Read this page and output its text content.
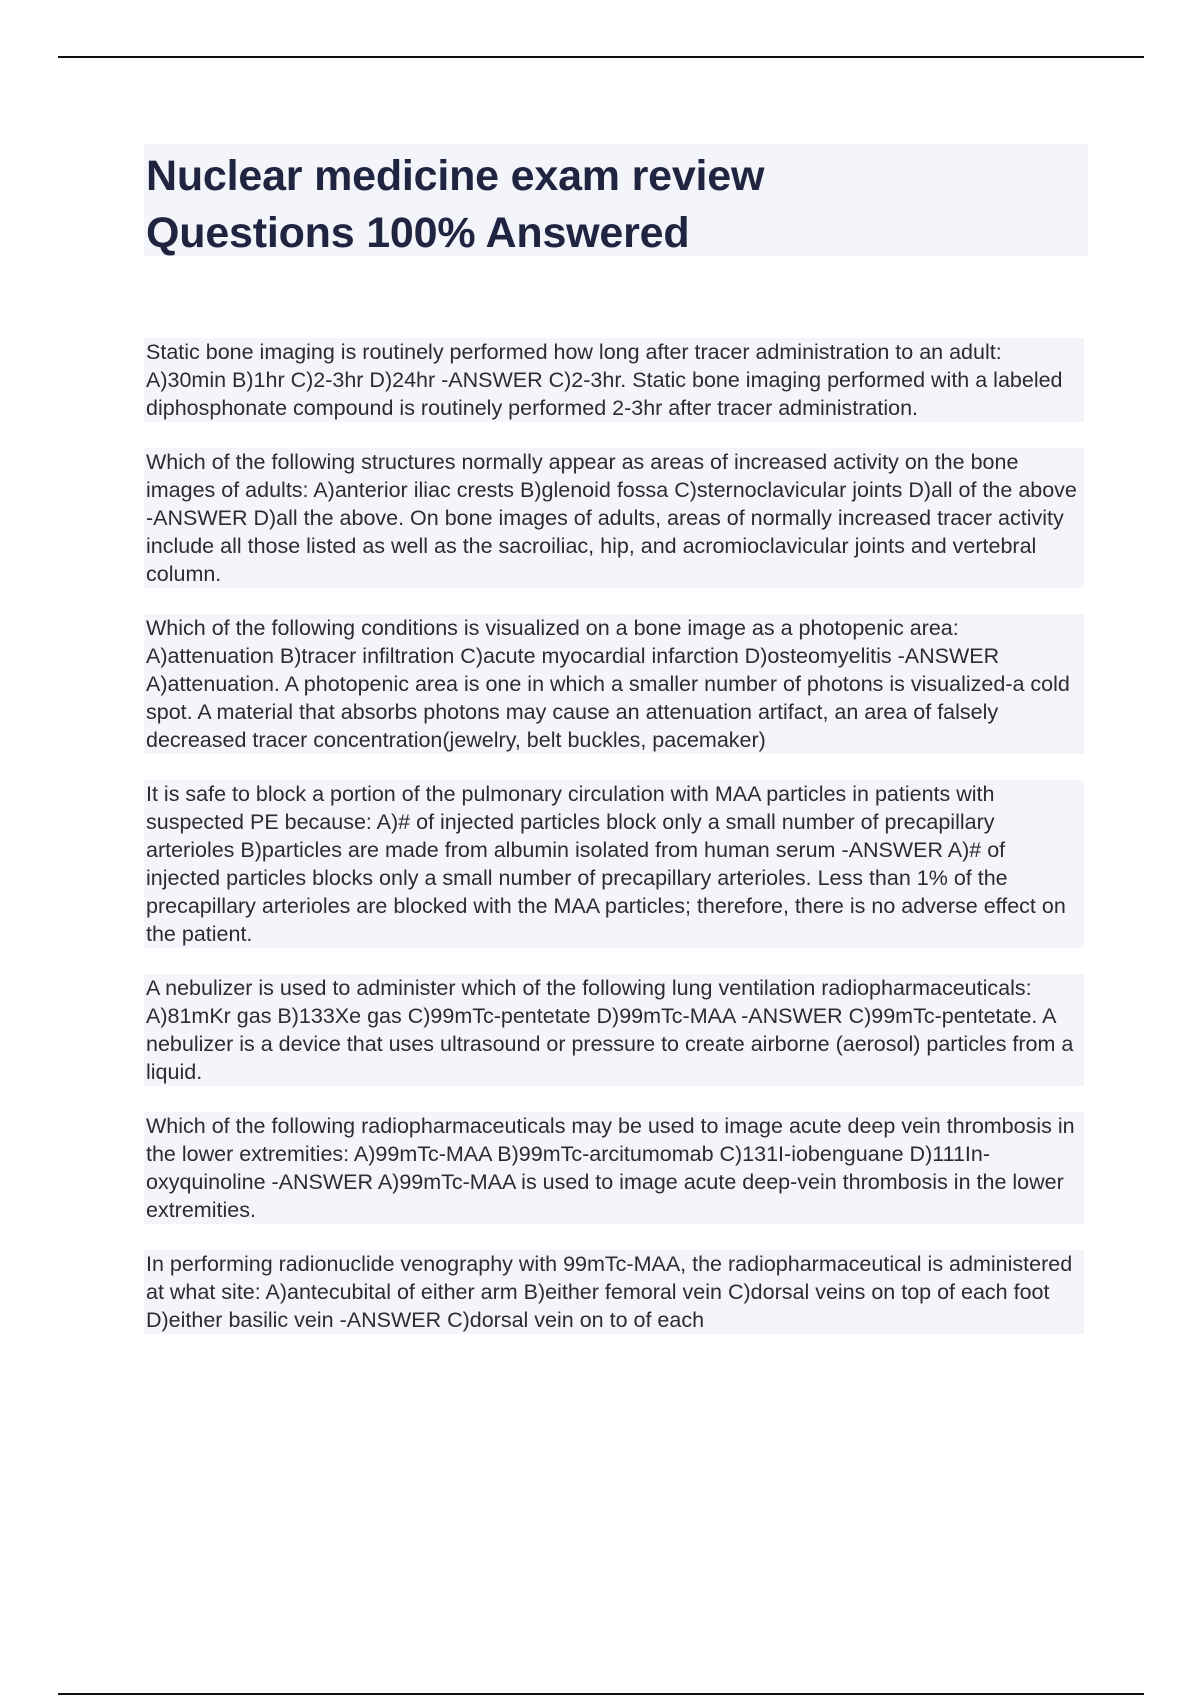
Nuclear medicine exam review
Questions 100% Answered

Static bone imaging is routinely performed how long after tracer administration to an adult: A)30min B)1hr C)2-3hr D)24hr -ANSWER C)2-3hr. Static bone imaging performed with a labeled diphosphonate compound is routinely performed 2-3hr after tracer administration.

Which of the following structures normally appear as areas of increased activity on the bone images of adults: A)anterior iliac crests B)glenoid fossa C)sternoclavicular joints D)all of the above -ANSWER D)all the above. On bone images of adults, areas of normally increased tracer activity include all those listed as well as the sacroiliac, hip, and acromioclavicular joints and vertebral column.

Which of the following conditions is visualized on a bone image as a photopenic area: A)attenuation B)tracer infiltration C)acute myocardial infarction D)osteomyelitis -ANSWER A)attenuation. A photopenic area is one in which a smaller number of photons is visualized-a cold spot. A material that absorbs photons may cause an attenuation artifact, an area of falsely decreased tracer concentration(jewelry, belt buckles, pacemaker)

It is safe to block a portion of the pulmonary circulation with MAA particles in patients with suspected PE because: A)# of injected particles block only a small number of precapillary arterioles B)particles are made from albumin isolated from human serum -ANSWER A)# of injected particles blocks only a small number of precapillary arterioles. Less than 1% of the precapillary arterioles are blocked with the MAA particles; therefore, there is no adverse effect on the patient.

A nebulizer is used to administer which of the following lung ventilation radiopharmaceuticals: A)81mKr gas B)133Xe gas C)99mTc-pentetate D)99mTc-MAA -ANSWER C)99mTc-pentetate. A nebulizer is a device that uses ultrasound or pressure to create airborne (aerosol) particles from a liquid.

Which of the following radiopharmaceuticals may be used to image acute deep vein thrombosis in the lower extremities: A)99mTc-MAA B)99mTc-arcitumomab C)131I-iobenguane D)111In-oxyquinoline -ANSWER A)99mTc-MAA is used to image acute deep-vein thrombosis in the lower extremities.

In performing radionuclide venography with 99mTc-MAA, the radiopharmaceutical is administered at what site: A)antecubital of either arm B)either femoral vein C)dorsal veins on top of each foot D)either basilic vein -ANSWER C)dorsal vein on to of each
